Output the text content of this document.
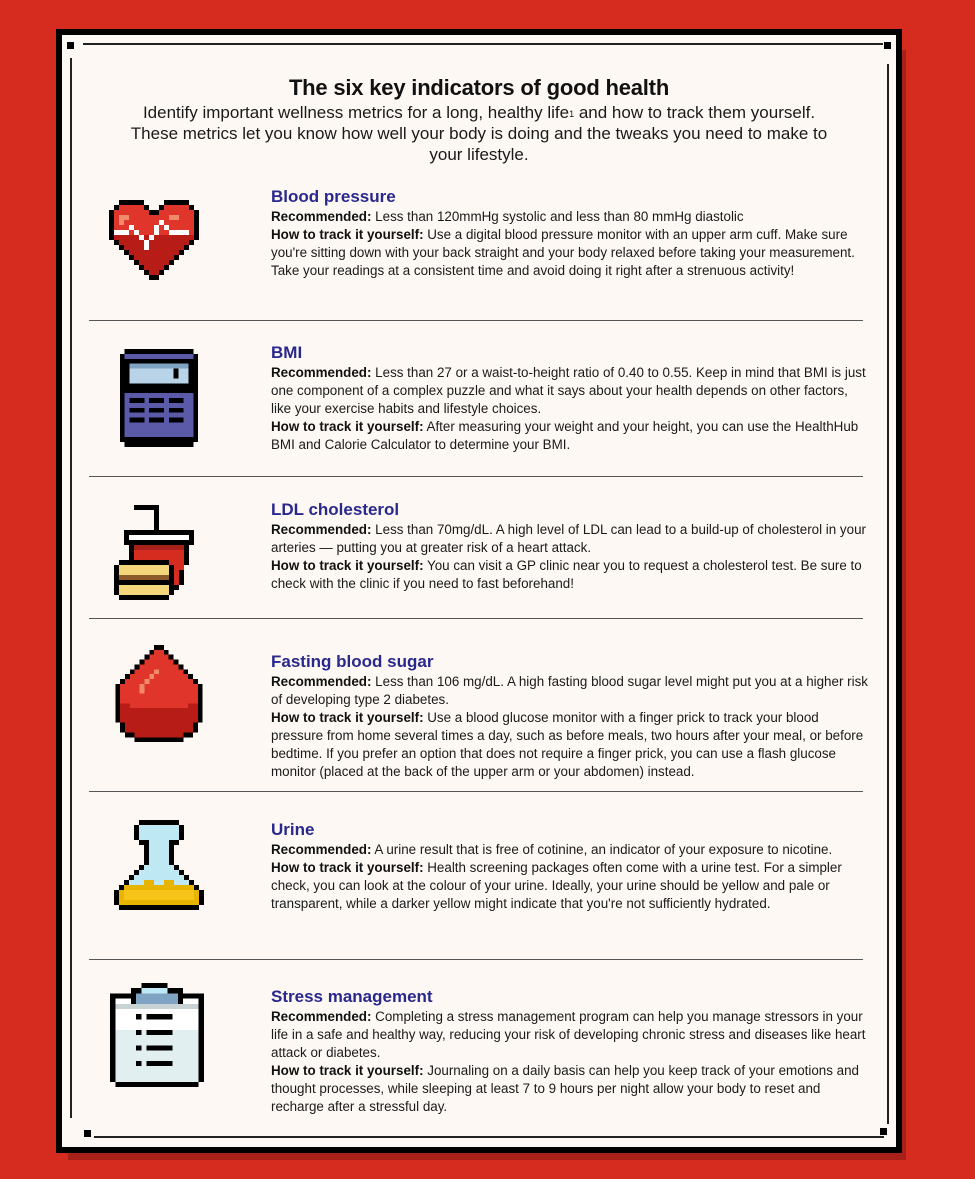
The six key indicators of good health
Identify important wellness metrics for a long, healthy life$^1$ and how to track them yourself. These metrics let you know how well your body is doing and the tweaks you need to make to your lifestyle.
Blood pressure
Recommended: Less than 120mmHg systolic and less than 80 mmHg diastolic
How to track it yourself: Use a digital blood pressure monitor with an upper arm cuff. Make sure you're sitting down with your back straight and your body relaxed before taking your measurement. Take your readings at a consistent time and avoid doing it right after a strenuous activity!
BMI
Recommended: Less than 27 or a waist-to-height ratio of 0.40 to 0.55. Keep in mind that BMI is just one component of a complex puzzle and what it says about your health depends on other factors, like your exercise habits and lifestyle choices.
How to track it yourself: After measuring your weight and your height, you can use the HealthHub BMI and Calorie Calculator to determine your BMI.
LDL cholesterol
Recommended: Less than 70mg/dL. A high level of LDL can lead to a build-up of cholesterol in your arteries — putting you at greater risk of a heart attack.
How to track it yourself: You can visit a GP clinic near you to request a cholesterol test. Be sure to check with the clinic if you need to fast beforehand!
Fasting blood sugar
Recommended: Less than 106 mg/dL. A high fasting blood sugar level might put you at a higher risk of developing type 2 diabetes.
How to track it yourself: Use a blood glucose monitor with a finger prick to track your blood pressure from home several times a day, such as before meals, two hours after your meal, or before bedtime. If you prefer an option that does not require a finger prick, you can use a flash glucose monitor (placed at the back of the upper arm or your abdomen) instead.
Urine
Recommended: A urine result that is free of cotinine, an indicator of your exposure to nicotine.
How to track it yourself: Health screening packages often come with a urine test. For a simpler check, you can look at the colour of your urine. Ideally, your urine should be yellow and pale or transparent, while a darker yellow might indicate that you're not sufficiently hydrated.
Stress management
Recommended: Completing a stress management program can help you manage stressors in your life in a safe and healthy way, reducing your risk of developing chronic stress and diseases like heart attack or diabetes.
How to track it yourself: Journaling on a daily basis can help you keep track of your emotions and thought processes, while sleeping at least 7 to 9 hours per night allow your body to reset and recharge after a stressful day.
